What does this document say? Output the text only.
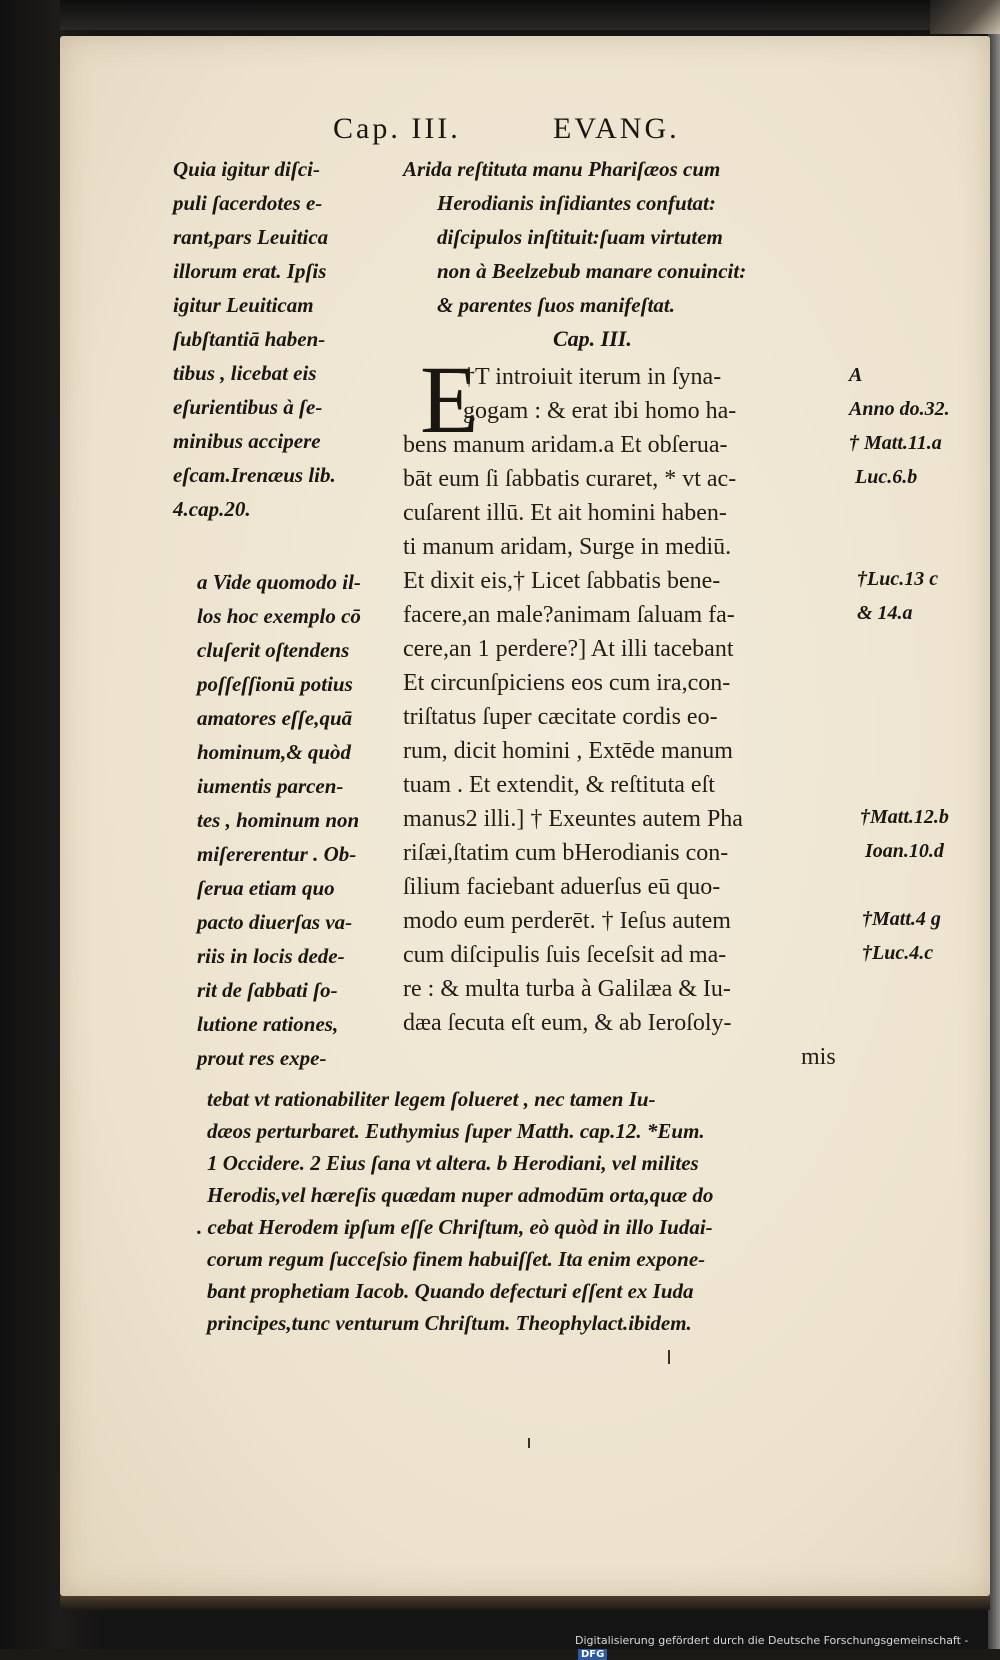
Cap. III.	EVANG.
Arida reſtituta manu Phariſæos cum
Herodianis inſidiantes confutat:
diſcipulos inſtituit:ſuam virtutem
non à Beelzebub manare conuincit:
& parentes ſuos manifeſtat.
Cap. III.
Quia igitur diſci-
puli ſacerdotes e-
rant,pars Leuitica
illorum erat. Ipſis
igitur Leuiticam
ſubſtantiā haben-
tibus , licebat eis
eſurientibus à ſe-
minibus accipere
eſcam.Irenæus lib.
4.cap.20.
a Vide quomodo il-
los hoc exemplo cō
cluſerit oſtendens
poſſeſſionū potius
amatores eſſe,quā
hominum,& quòd
iumentis parcen-
tes , hominum non
miſererentur . Ob-
ſerua etiam quo
pacto diuerſas va-
riis in locis dede-
rit de ſabbati ſo-
lutione rationes,
prout res expe-
E
†T introiuit iterum in ſyna-
gogam : & erat ibi homo ha-
bens manum aridam.a Et obſerua-
bāt eum ſi ſabbatis curaret, * vt ac-
cuſarent illū. Et ait homini haben-
ti manum aridam, Surge in mediū.
Et dixit eis,† Licet ſabbatis bene-
facere,an male?animam ſaluam fa-
cere,an 1 perdere?] At illi tacebant
Et circunſpiciens eos cum ira,con-
triſtatus ſuper cæcitate cordis eo-
rum, dicit homini , Extēde manum
tuam . Et extendit, & reſtituta eſt
manus2 illi.] † Exeuntes autem Pha
riſæi,ſtatim cum bHerodianis con-
ſilium faciebant aduerſus eū quo-
modo eum perderēt. † Ieſus autem
cum diſcipulis ſuis ſeceſsit ad ma-
re : & multa turba à Galilæa & Iu-
dæa ſecuta eſt eum, & ab Ieroſoly-
mis
A
Anno do.32.
† Matt.11.a
Luc.6.b
†Luc.13 c
& 14.a
†Matt.12.b
Ioan.10.d
†Matt.4 g
†Luc.4.c
tebat vt rationabiliter legem ſolueret , nec tamen Iu-
dæos perturbaret. Euthymius ſuper Matth. cap.12. *Eum.
1 Occidere. 2 Eius ſana vt altera. b Herodiani, vel milites
Herodis,vel hæreſis quædam nuper admodūm orta,quæ do
. cebat Herodem ipſum eſſe Chriſtum, eò quòd in illo Iudai-
corum regum ſucceſsio finem habuiſſet. Ita enim expone-
bant prophetiam Iacob. Quando defecturi eſſent ex Iuda
principes,tunc venturum Chriſtum. Theophylact.ibidem.
Digitalisierung gefördert durch die Deutsche Forschungsgemeinschaft -DFG
